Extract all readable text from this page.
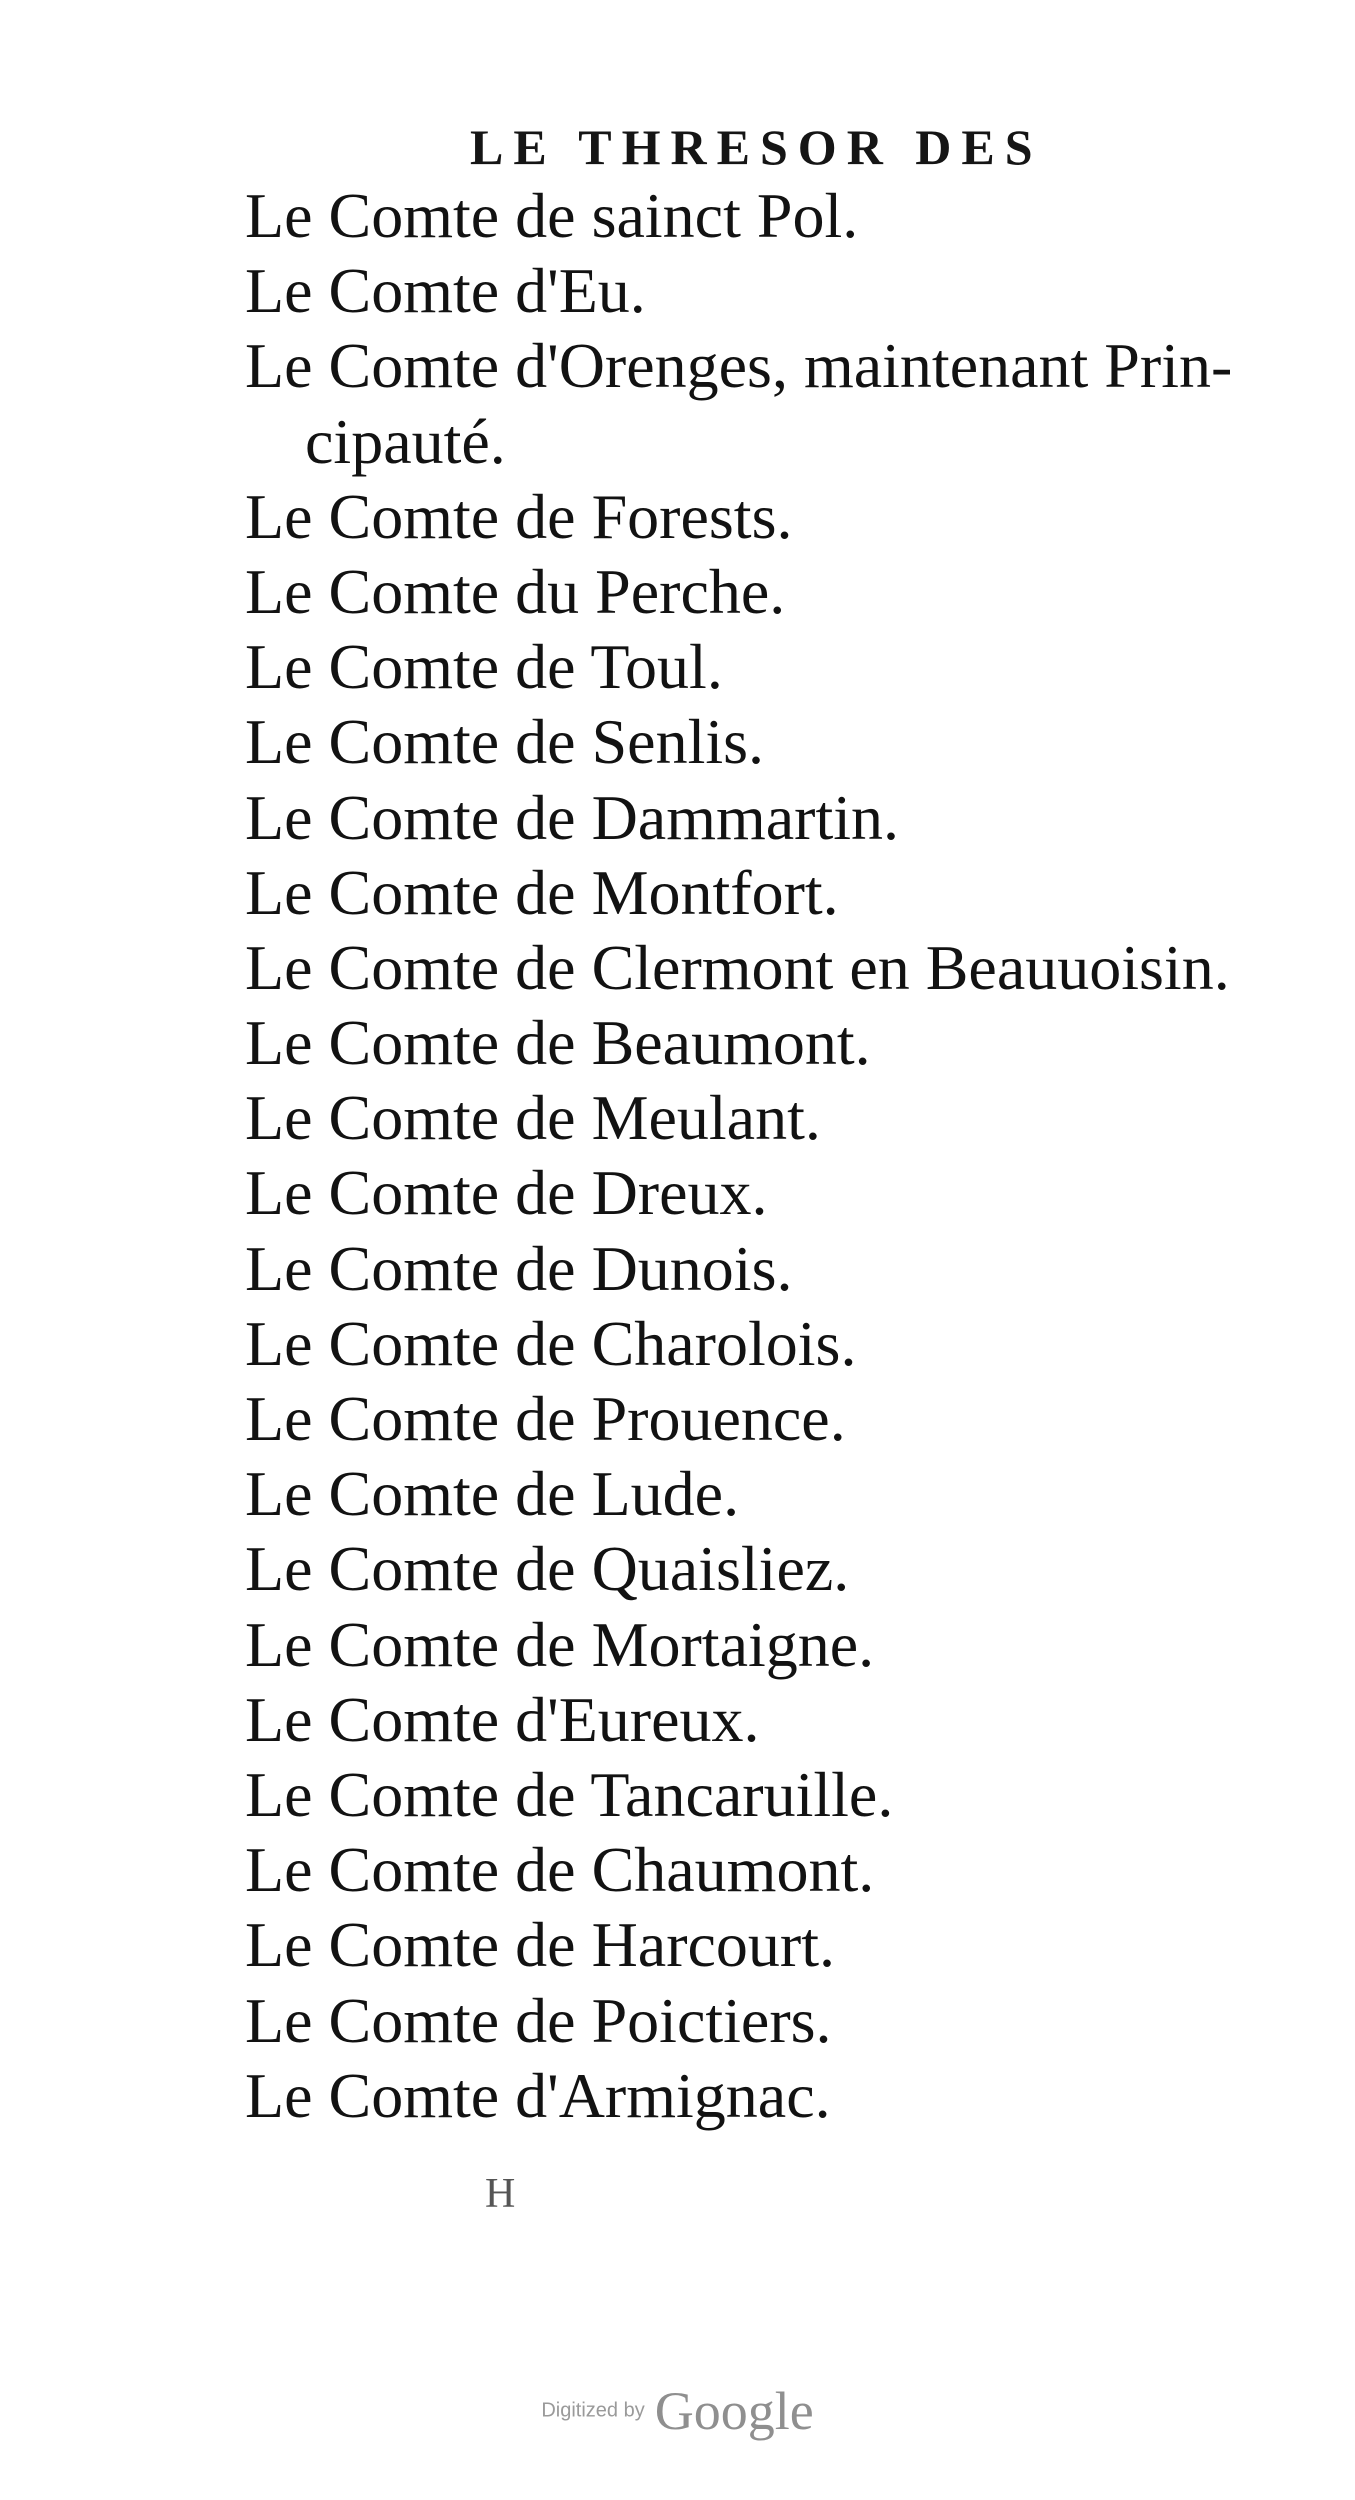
LE THRESOR DES
Le Comte de sainct Pol.
Le Comte d'Eu.
Le Comte d'Orenges, maintenant Prin-
cipauté.
Le Comte de Forests.
Le Comte du Perche.
Le Comte de Toul.
Le Comte de Senlis.
Le Comte de Dammartin.
Le Comte de Montfort.
Le Comte de Clermont en Beauuoisin.
Le Comte de Beaumont.
Le Comte de Meulant.
Le Comte de Dreux.
Le Comte de Dunois.
Le Comte de Charolois.
Le Comte de Prouence.
Le Comte de Lude.
Le Comte de Quaisliez.
Le Comte de Mortaigne.
Le Comte d'Eureux.
Le Comte de Tancaruille.
Le Comte de Chaumont.
Le Comte de Harcourt.
Le Comte de Poictiers.
Le Comte d'Armignac.
H
Digitized by Google
